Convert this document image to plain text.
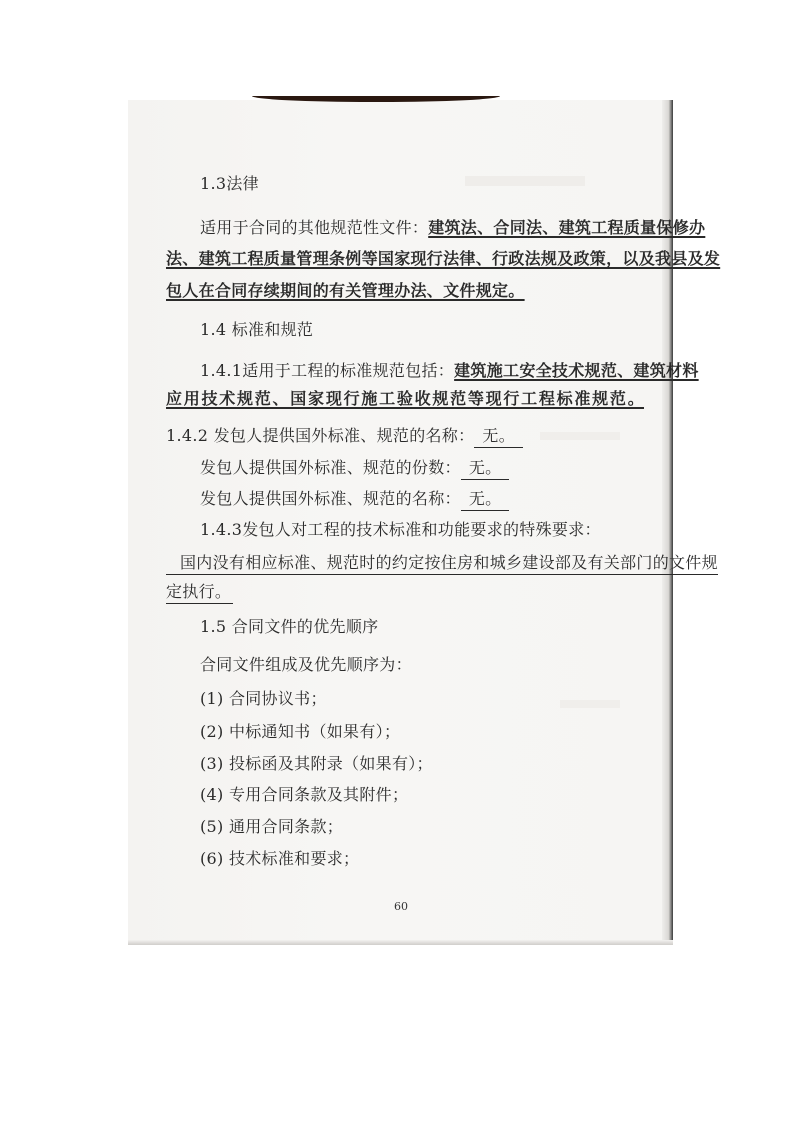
1.3法律
适用于合同的其他规范性文件：建筑法、合同法、建筑工程质量保修办
法、建筑工程质量管理条例等国家现行法律、行政法规及政策，以及我县及发
包人在合同存续期间的有关管理办法、文件规定。
1.4 标准和规范
1.4.1适用于工程的标准规范包括：建筑施工安全技术规范、建筑材料
应用技术规范、国家现行施工验收规范等现行工程标准规范。
1.4.2 发包人提供国外标准、规范的名称： 无。
发包人提供国外标准、规范的份数： 无。
发包人提供国外标准、规范的名称： 无。
1.4.3发包人对工程的技术标准和功能要求的特殊要求：
国内没有相应标准、规范时的约定按住房和城乡建设部及有关部门的文件规
定执行。
1.5 合同文件的优先顺序
合同文件组成及优先顺序为：
(1) 合同协议书；
(2) 中标通知书（如果有）；
(3) 投标函及其附录（如果有）；
(4) 专用合同条款及其附件；
(5) 通用合同条款；
(6) 技术标准和要求；
60
